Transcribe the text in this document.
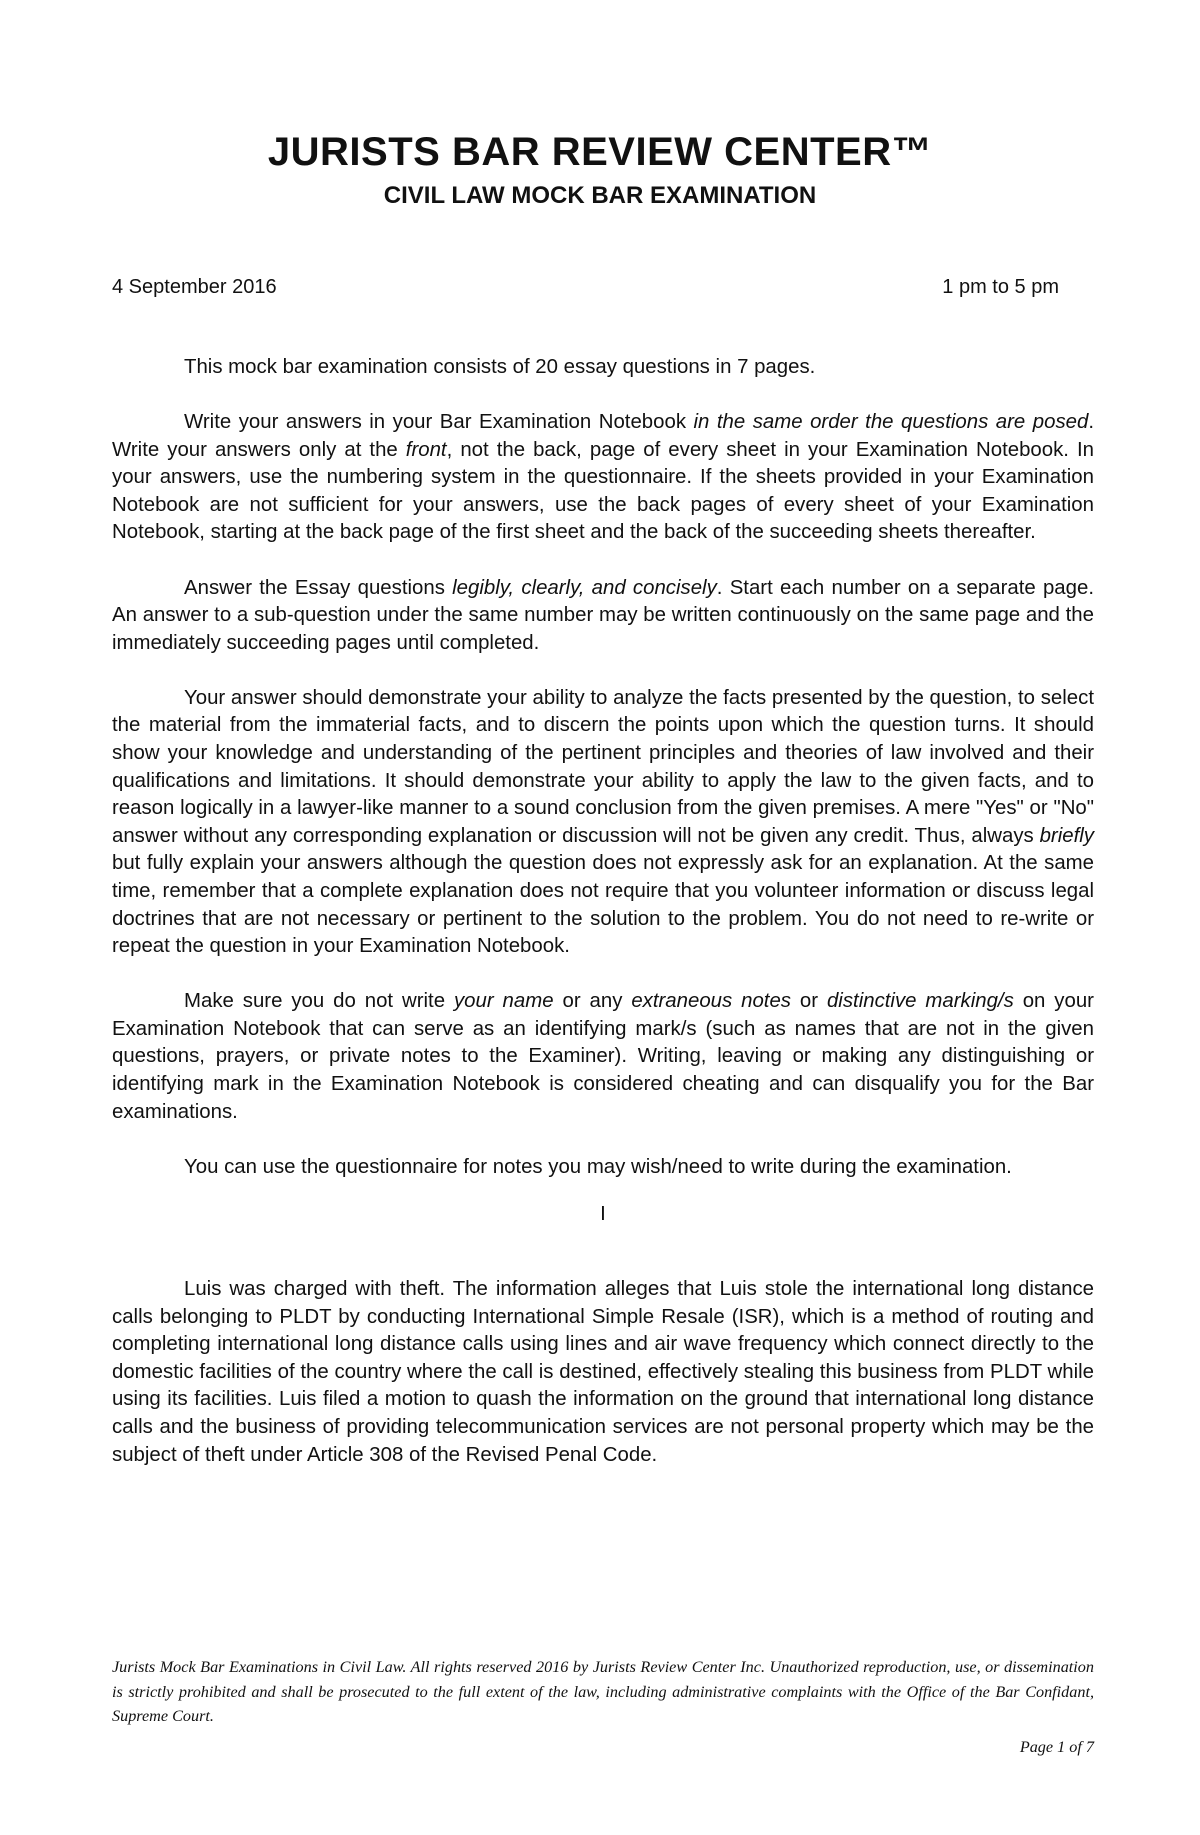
JURISTS BAR REVIEW CENTER™
CIVIL LAW MOCK BAR EXAMINATION
4 September 2016	1 pm to 5 pm

This mock bar examination consists of 20 essay questions in 7 pages.

Write your answers in your Bar Examination Notebook in the same order the questions are posed. Write your answers only at the front, not the back, page of every sheet in your Examination Notebook. In your answers, use the numbering system in the questionnaire. If the sheets provided in your Examination Notebook are not sufficient for your answers, use the back pages of every sheet of your Examination Notebook, starting at the back page of the first sheet and the back of the succeeding sheets thereafter.

Answer the Essay questions legibly, clearly, and concisely. Start each number on a separate page. An answer to a sub-question under the same number may be written continuously on the same page and the immediately succeeding pages until completed.

Your answer should demonstrate your ability to analyze the facts presented by the question, to select the material from the immaterial facts, and to discern the points upon which the question turns. It should show your knowledge and understanding of the pertinent principles and theories of law involved and their qualifications and limitations. It should demonstrate your ability to apply the law to the given facts, and to reason logically in a lawyer-like manner to a sound conclusion from the given premises. A mere "Yes" or "No" answer without any corresponding explanation or discussion will not be given any credit. Thus, always briefly but fully explain your answers although the question does not expressly ask for an explanation. At the same time, remember that a complete explanation does not require that you volunteer information or discuss legal doctrines that are not necessary or pertinent to the solution to the problem. You do not need to re-write or repeat the question in your Examination Notebook.

Make sure you do not write your name or any extraneous notes or distinctive marking/s on your Examination Notebook that can serve as an identifying mark/s (such as names that are not in the given questions, prayers, or private notes to the Examiner). Writing, leaving or making any distinguishing or identifying mark in the Examination Notebook is considered cheating and can disqualify you for the Bar examinations.

You can use the questionnaire for notes you may wish/need to write during the examination.

I

Luis was charged with theft. The information alleges that Luis stole the international long distance calls belonging to PLDT by conducting International Simple Resale (ISR), which is a method of routing and completing international long distance calls using lines and air wave frequency which connect directly to the domestic facilities of the country where the call is destined, effectively stealing this business from PLDT while using its facilities. Luis filed a motion to quash the information on the ground that international long distance calls and the business of providing telecommunication services are not personal property which may be the subject of theft under Article 308 of the Revised Penal Code.

Jurists Mock Bar Examinations in Civil Law. All rights reserved 2016 by Jurists Review Center Inc. Unauthorized reproduction, use, or dissemination is strictly prohibited and shall be prosecuted to the full extent of the law, including administrative complaints with the Office of the Bar Confidant, Supreme Court.
Page 1 of 7
